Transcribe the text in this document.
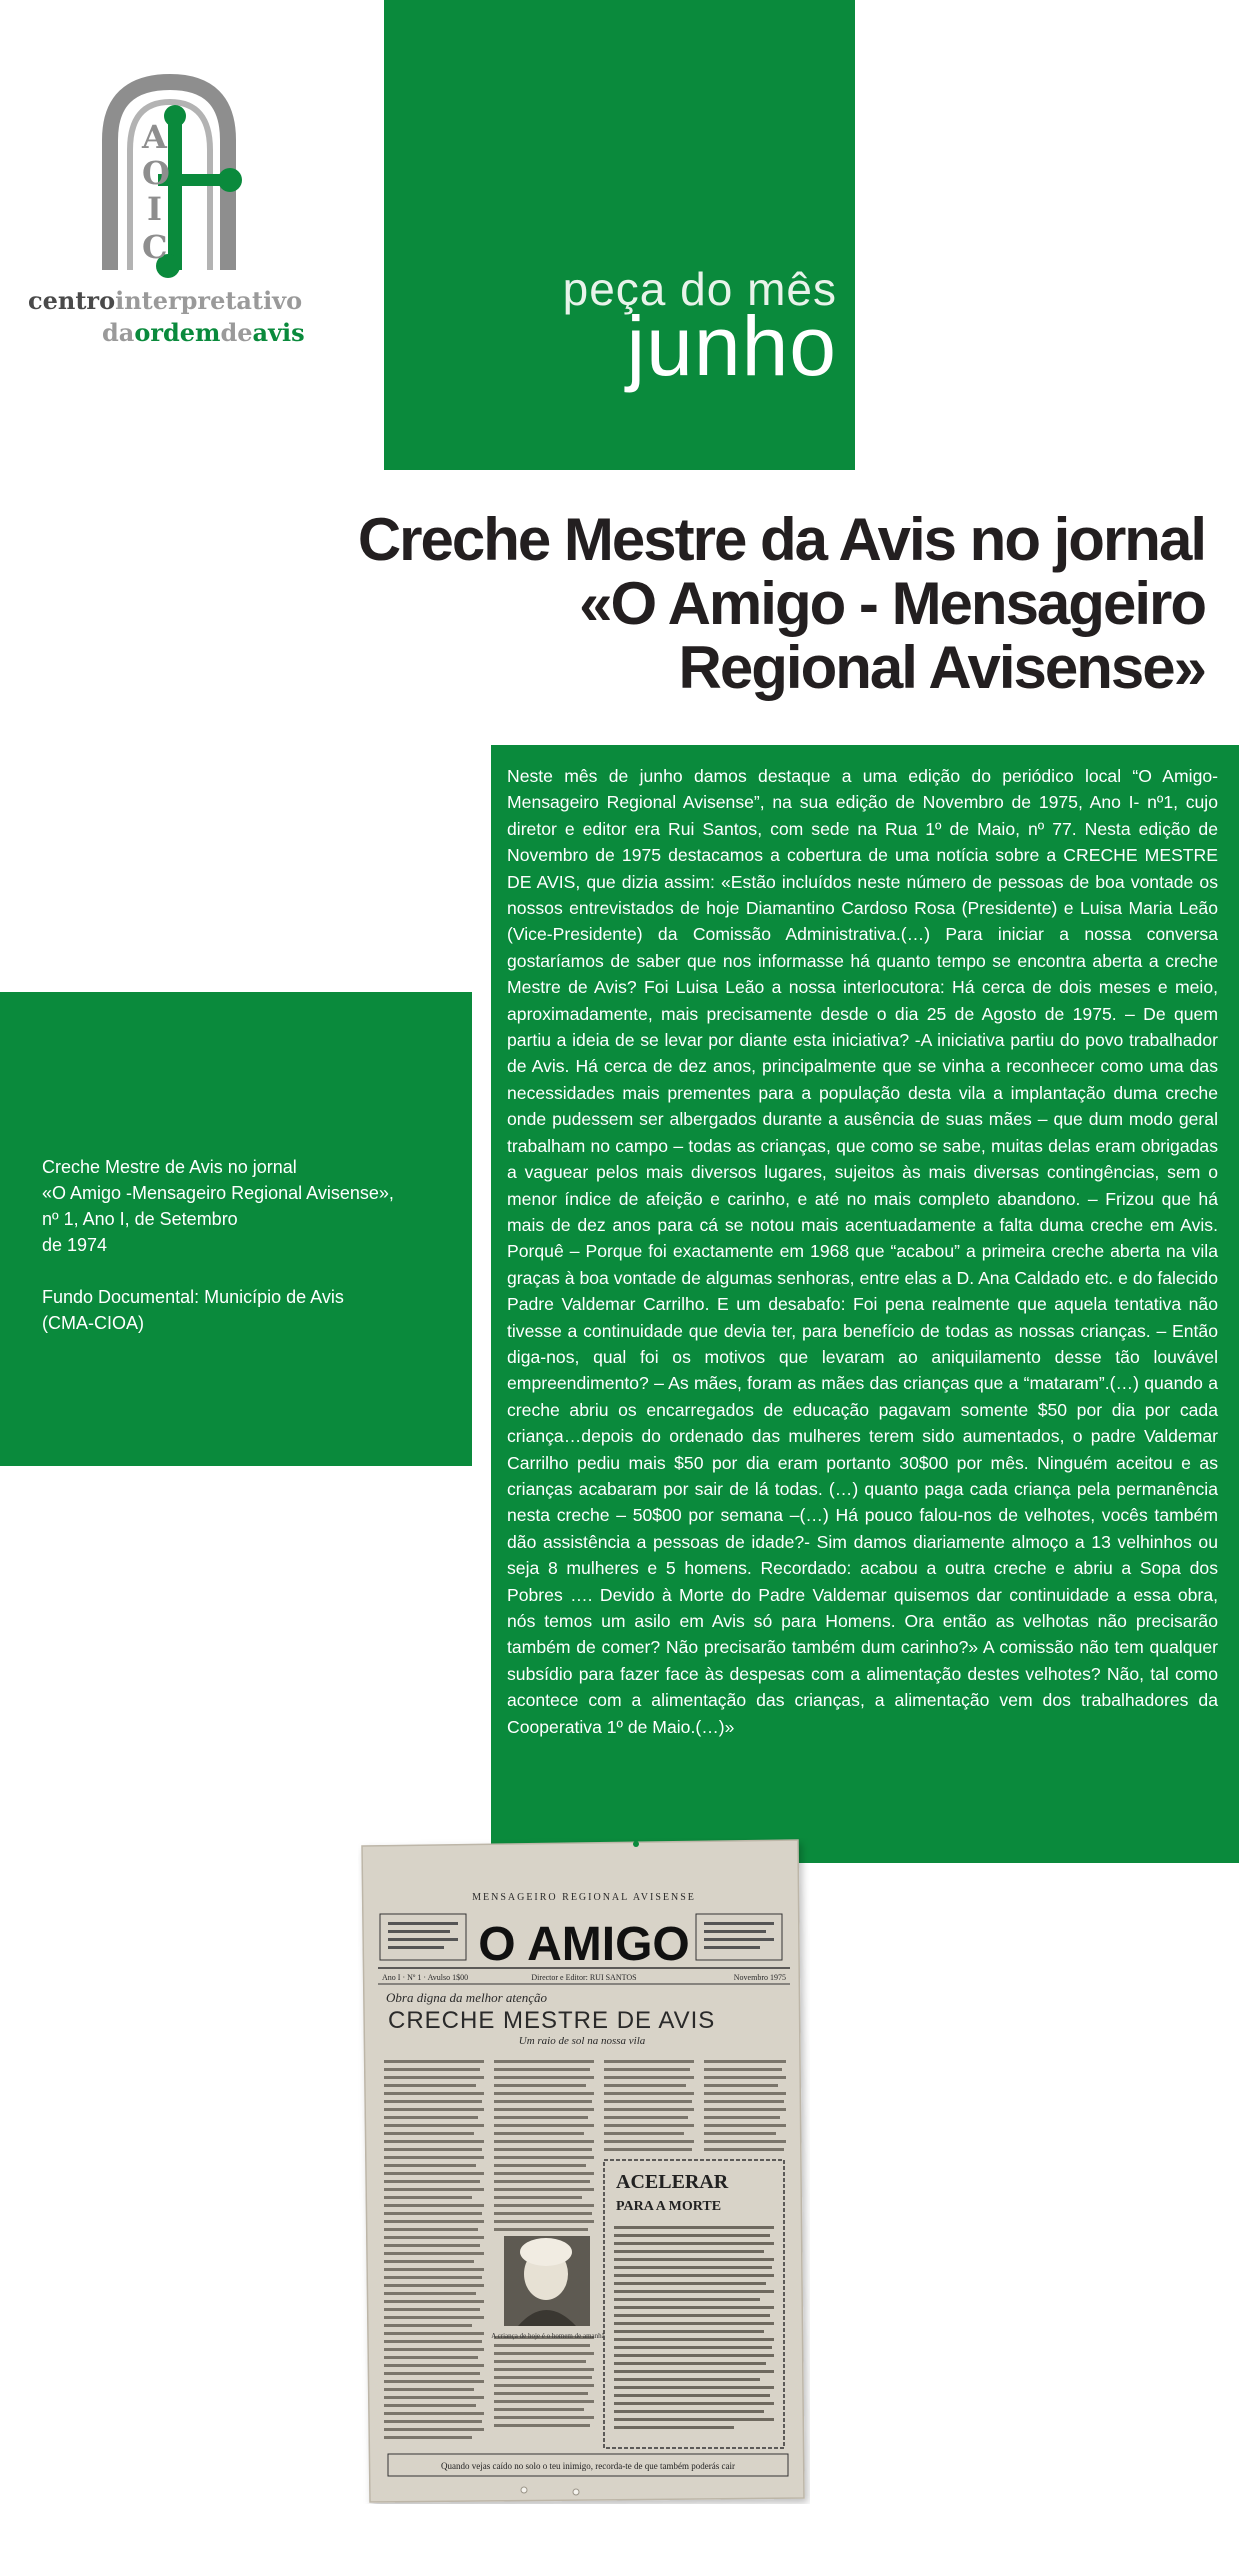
A
O
I
C
centrointerpretativo
daordemdeavis
peça do mês
junho
Creche Mestre da Avis no jornal
«O Amigo - Mensageiro
Regional Avisense»
Creche Mestre de Avis no jornal
«O Amigo -Mensageiro Regional Avisense»,
nº 1, Ano I, de Setembro
de 1974

Fundo Documental: Município de Avis
(CMA-CIOA)

Neste mês de junho damos destaque a uma edição do periódico local “O Amigo-Mensageiro Regional Avisense”, na sua edição de Novembro de 1975, Ano I- nº1, cujo diretor e editor era Rui Santos, com sede na Rua 1º de Maio, nº 77. Nesta edição de Novembro de 1975 destacamos a cobertura de uma notícia sobre a CRECHE MESTRE DE AVIS, que dizia assim: «Estão incluídos neste número de pessoas de boa vontade os nossos entrevistados de hoje Diamantino Cardoso Rosa (Presidente) e Luisa Maria Leão (Vice-Presidente) da Comissão Administrativa.(…) Para iniciar a nossa conversa gostaríamos de saber que nos informasse há quanto tempo se encontra aberta a creche Mestre de Avis? Foi Luisa Leão a nossa interlocutora: Há cerca de dois meses e meio, aproximadamente, mais precisamente desde o dia 25 de Agosto de 1975. – De quem partiu a ideia de se levar por diante esta iniciativa? -A iniciativa partiu do povo trabalhador de Avis. Há cerca de dez anos, principalmente que se vinha a reconhecer como uma das necessidades mais prementes para a população desta vila a implantação duma creche onde pudessem ser albergados durante a ausência de suas mães – que dum modo geral trabalham no campo – todas as crianças, que como se sabe, muitas delas eram obrigadas a vaguear pelos mais diversos lugares, sujeitos às mais diversas contingências, sem o menor índice de afeição e carinho, e até no mais completo abandono. – Frizou que há mais de dez anos para cá se notou mais acentuadamente a falta duma creche em Avis. Porquê – Porque foi exactamente em 1968 que “acabou” a primeira creche aberta na vila graças à boa vontade de algumas senhoras, entre elas a D. Ana Caldado etc. e do falecido Padre Valdemar Carrilho. E um desabafo: Foi pena realmente que aquela tentativa não tivesse a continuidade que devia ter, para benefício de todas as nossas crianças. – Então diga-nos, qual foi os motivos que levaram ao aniquilamento desse tão louvável empreendimento? – As mães, foram as mães das crianças que a “mataram”.(…) quando a creche abriu os encarregados de educação pagavam somente $50 por dia por cada criança…depois do ordenado das mulheres terem sido aumentados, o padre Valdemar Carrilho pediu mais $50 por dia eram portanto 30$00 por mês. Ninguém aceitou e as crianças acabaram por sair de lá todas. (…) quanto paga cada criança pela permanência nesta creche – 50$00 por semana –(…) Há pouco falou-nos de velhotes, vocês também dão assistência a pessoas de idade?- Sim damos diariamente almoço a 13 velhinhos ou seja 8 mulheres e 5 homens. Recordado: acabou a outra creche e abriu a Sopa dos Pobres …. Devido à Morte do Padre Valdemar quisemos dar continuidade a essa obra, nós temos um asilo em Avis só para Homens. Ora então as velhotas não precisarão também de comer? Não precisarão também dum carinho?» A comissão não tem qualquer subsídio para fazer face às despesas com a alimentação destes velhotes? Não, tal como acontece com a alimentação das crianças, a alimentação vem dos trabalhadores da Cooperativa 1º de Maio.(…)»

MENSAGEIRO REGIONAL AVISENSE
O AMIGO
Ano I · Nº 1 · Avulso 1$00	Director e Editor: RUI SANTOS	Novembro 1975
Obra digna da melhor atenção
CRECHE MESTRE DE AVIS
Um raio de sol na nossa vila
A criança de hoje é o homem de amanhã
ACELERAR
PARA A MORTE
Quando vejas caído no solo o teu inimigo, recorda-te de que também poderás cair
